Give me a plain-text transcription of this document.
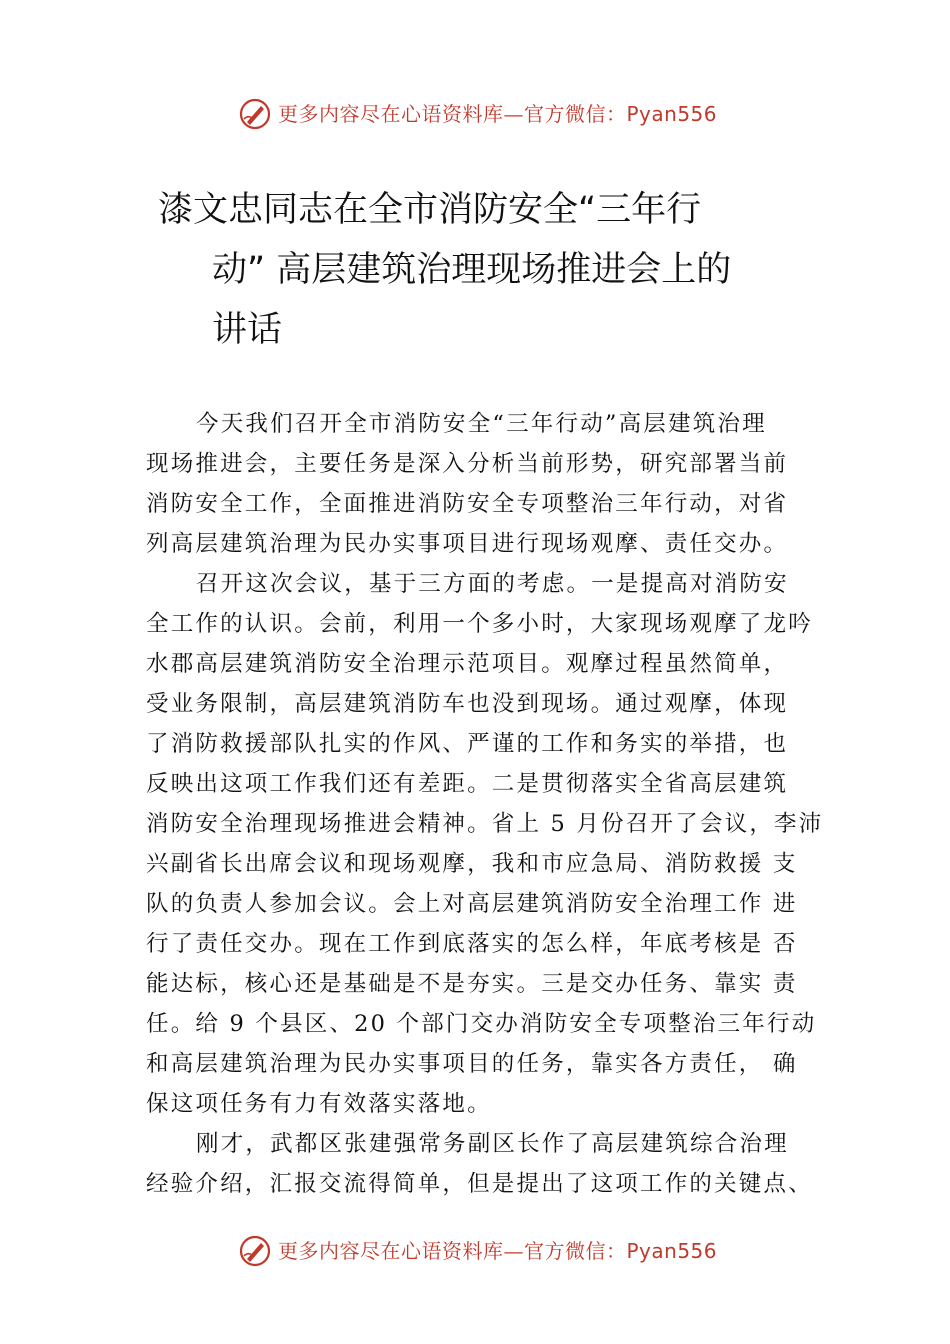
更多内容尽在心语资料库—官方微信：Pyan556
漆文忠同志在全市消防安全“三年行
动” 高层建筑治理现场推进会上的
讲话
今天我们召开全市消防安全“三年行动”高层建筑治理
现场推进会，主要任务是深入分析当前形势，研究部署当前
消防安全工作，全面推进消防安全专项整治三年行动，对省
列高层建筑治理为民办实事项目进行现场观摩、责任交办。
召开这次会议，基于三方面的考虑。一是提高对消防安
全工作的认识。会前，利用一个多小时，大家现场观摩了龙吟
水郡高层建筑消防安全治理示范项目。观摩过程虽然简单，
受业务限制，高层建筑消防车也没到现场。通过观摩，体现
了消防救援部队扎实的作风、严谨的工作和务实的举措，也
反映出这项工作我们还有差距。二是贯彻落实全省高层建筑
消防安全治理现场推进会精神。省上 5 月份召开了会议，李沛
兴副省长出席会议和现场观摩，我和市应急局、消防救援 支
队的负责人参加会议。会上对高层建筑消防安全治理工作 进
行了责任交办。现在工作到底落实的怎么样，年底考核是 否
能达标，核心还是基础是不是夯实。三是交办任务、靠实 责
任。给 9 个县区、20 个部门交办消防安全专项整治三年行动
和高层建筑治理为民办实事项目的任务，靠实各方责任， 确
保这项任务有力有效落实落地。
刚才，武都区张建强常务副区长作了高层建筑综合治理
经验介绍，汇报交流得简单，但是提出了这项工作的关键点、
更多内容尽在心语资料库—官方微信：Pyan556
